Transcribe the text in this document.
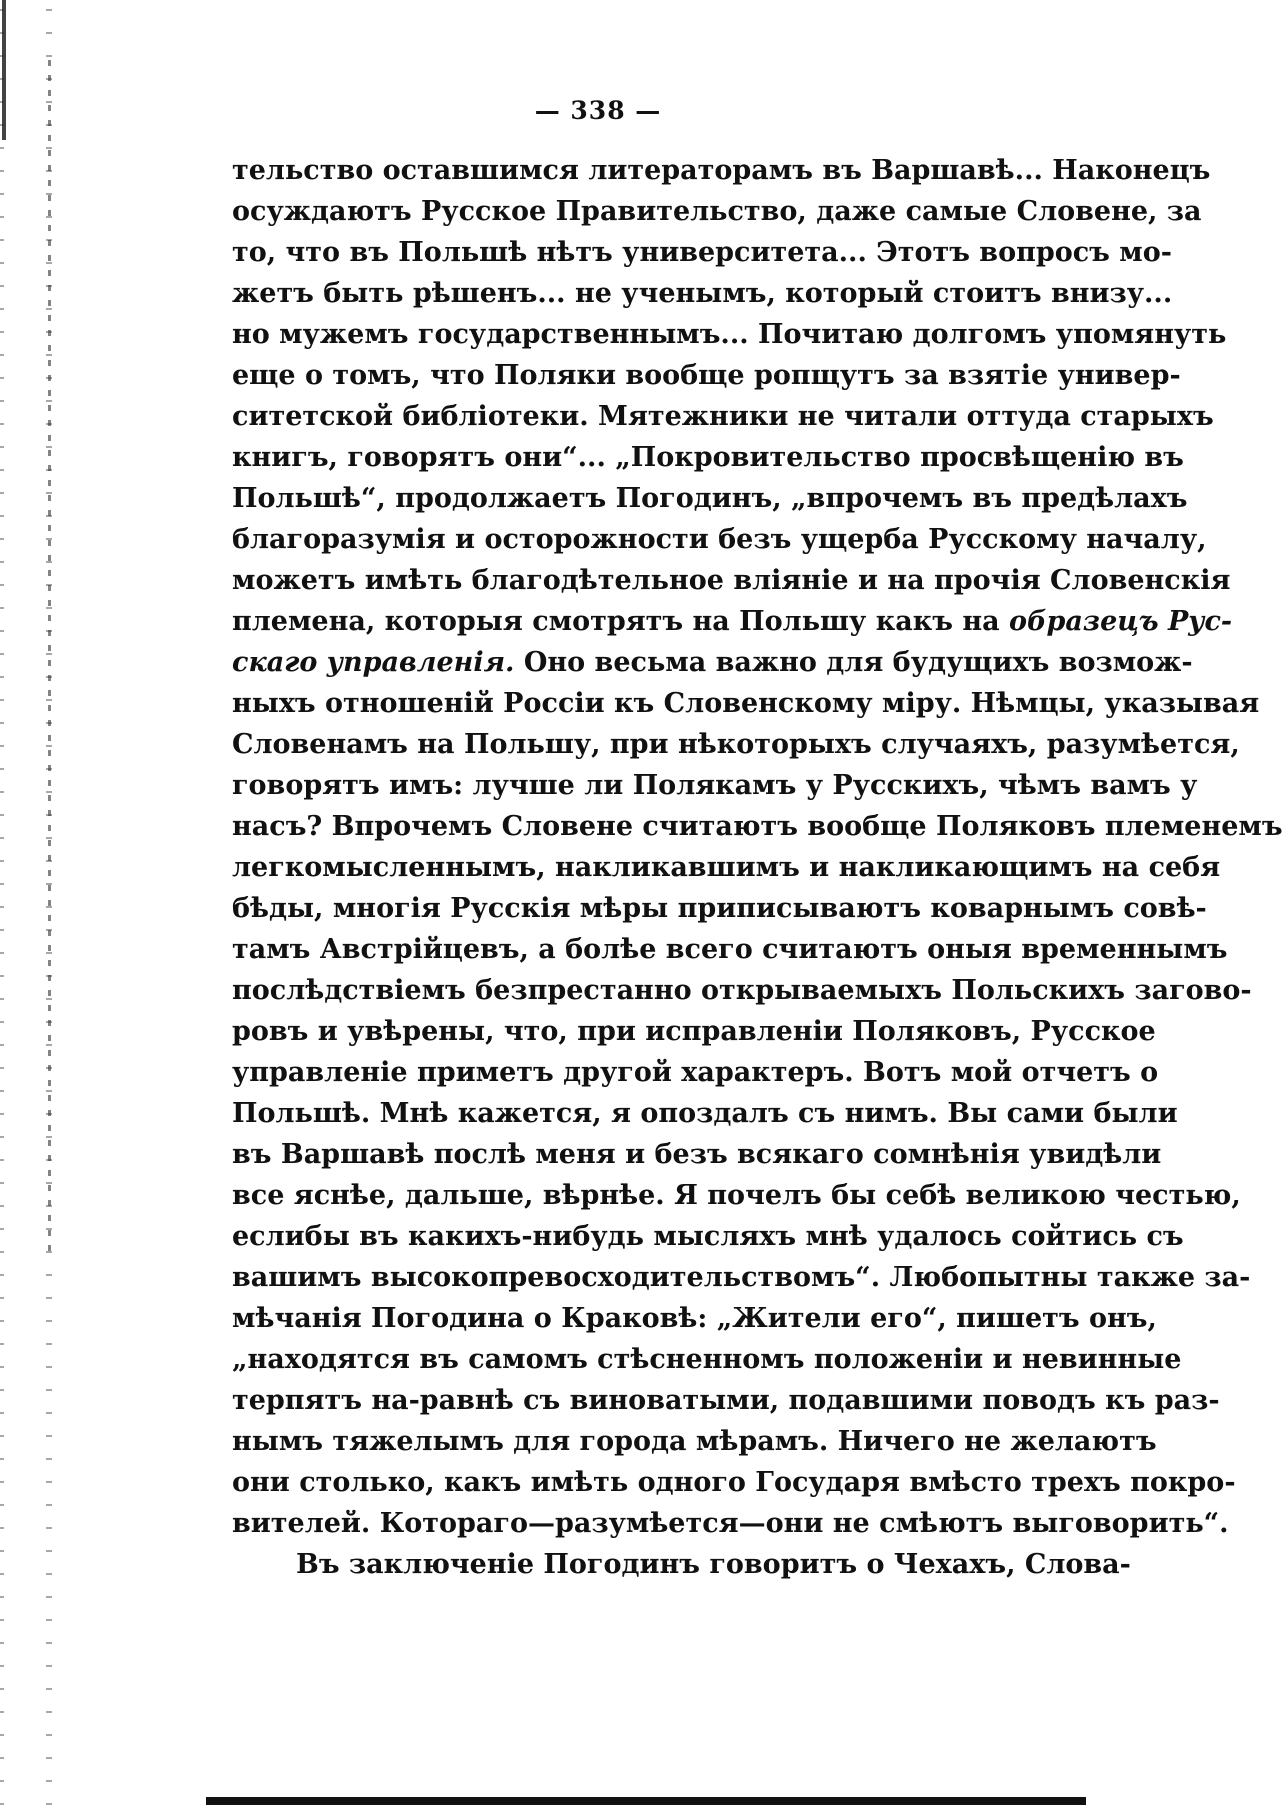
— 338 —
тельство оставшимся литераторамъ въ Варшавѣ... Наконецъ
осуждаютъ Русское Правительство, даже самые Словене, за
то, что въ Польшѣ нѣтъ университета... Этотъ вопросъ мо-
жетъ быть рѣшенъ... не ученымъ, который стоитъ внизу...
но мужемъ государственнымъ... Почитаю долгомъ упомянуть
еще о томъ, что Поляки вообще ропщутъ за взятіе универ-
ситетской библіотеки. Мятежники не читали оттуда старыхъ
книгъ, говорятъ они“... „Покровительство просвѣщенію въ
Польшѣ“, продолжаетъ Погодинъ, „впрочемъ въ предѣлахъ
благоразумія и осторожности безъ ущерба Русскому началу,
можетъ имѣть благодѣтельное вліяніе и на прочія Словенскія
племена, которыя смотрятъ на Польшу какъ на образецъ Рус-
скаго управленія. Оно весьма важно для будущихъ возмож-
ныхъ отношеній Россіи къ Словенскому міру. Нѣмцы, указывая
Словенамъ на Польшу, при нѣкоторыхъ случаяхъ, разумѣется,
говорятъ имъ: лучше ли Полякамъ у Русскихъ, чѣмъ вамъ у
насъ? Впрочемъ Словене считаютъ вообще Поляковъ племенемъ
легкомысленнымъ, накликавшимъ и накликающимъ на себя
бѣды, многія Русскія мѣры приписываютъ коварнымъ совѣ-
тамъ Австрійцевъ, а болѣе всего считаютъ оныя временнымъ
послѣдствіемъ безпрестанно открываемыхъ Польскихъ загово-
ровъ и увѣрены, что, при исправленіи Поляковъ, Русское
управленіе приметъ другой характеръ. Вотъ мой отчетъ о
Польшѣ. Мнѣ кажется, я опоздалъ съ нимъ. Вы сами были
въ Варшавѣ послѣ меня и безъ всякаго сомнѣнія увидѣли
все яснѣе, дальше, вѣрнѣе. Я почелъ бы себѣ великою честью,
еслибы въ какихъ-нибудь мысляхъ мнѣ удалось сойтись съ
вашимъ высокопревосходительствомъ“. Любопытны также за-
мѣчанія Погодина о Краковѣ: „Жители его“, пишетъ онъ,
„находятся въ самомъ стѣсненномъ положеніи и невинные
терпятъ на-равнѣ съ виноватыми, подавшими поводъ къ раз-
нымъ тяжелымъ для города мѣрамъ. Ничего не желаютъ
они столько, какъ имѣть одного Государя вмѣсто трехъ покро-
вителей. Котораго—разумѣется—они не смѣютъ выговорить“.
Въ заключеніе Погодинъ говоритъ о Чехахъ, Слова-
